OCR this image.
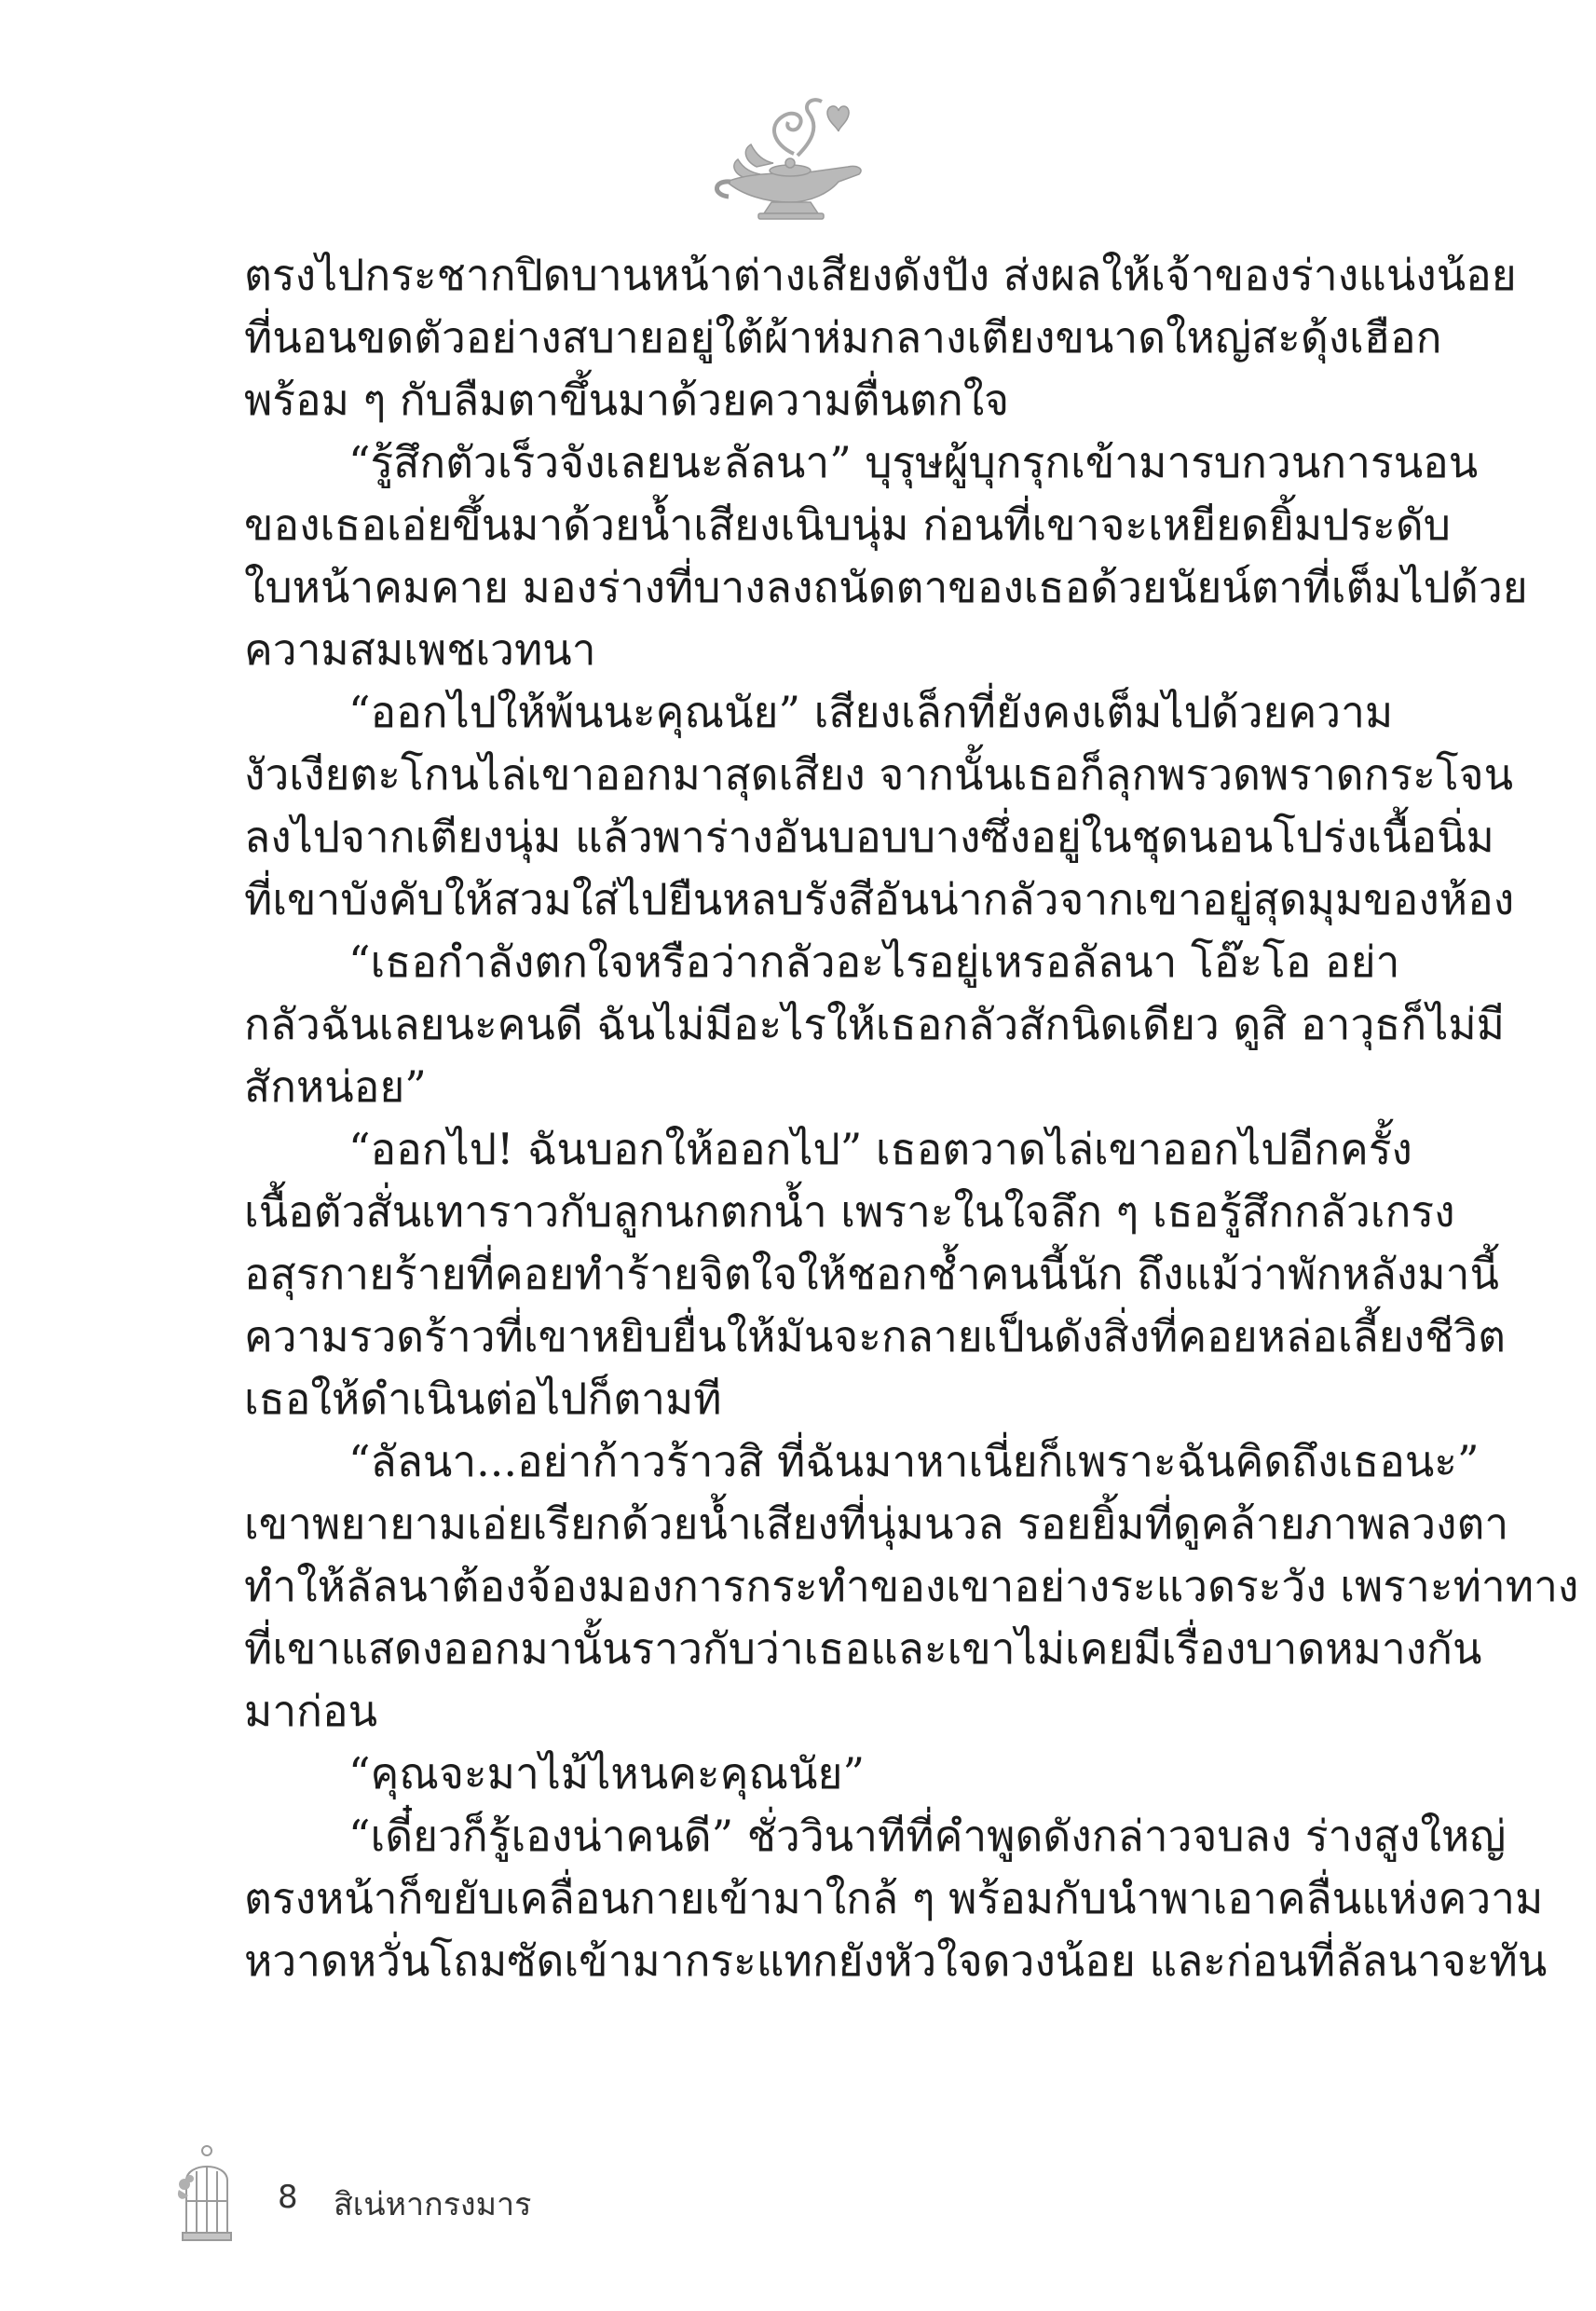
ตรงไปกระชากปิดบานหน้าต่างเสียงดังปัง ส่งผลให้เจ้าของร่างแน่งน้อย
ที่นอนขดตัวอย่างสบายอยู่ใต้ผ้าห่มกลางเตียงขนาดใหญ่สะดุ้งเฮือก
พร้อม ๆ กับลืมตาขึ้นมาด้วยความตื่นตกใจ
“รู้สึกตัวเร็วจังเลยนะลัลนา” บุรุษผู้บุกรุกเข้ามารบกวนการนอน
ของเธอเอ่ยขึ้นมาด้วยน้ำเสียงเนิบนุ่ม ก่อนที่เขาจะเหยียดยิ้มประดับ
ใบหน้าคมคาย มองร่างที่บางลงถนัดตาของเธอด้วยนัยน์ตาที่เต็มไปด้วย
ความสมเพชเวทนา
“ออกไปให้พ้นนะคุณนัย” เสียงเล็กที่ยังคงเต็มไปด้วยความ
งัวเงียตะโกนไล่เขาออกมาสุดเสียง จากนั้นเธอก็ลุกพรวดพราดกระโจน
ลงไปจากเตียงนุ่ม แล้วพาร่างอันบอบบางซึ่งอยู่ในชุดนอนโปร่งเนื้อนิ่ม
ที่เขาบังคับให้สวมใส่ไปยืนหลบรังสีอันน่ากลัวจากเขาอยู่สุดมุมของห้อง
“เธอกำลังตกใจหรือว่ากลัวอะไรอยู่เหรอลัลนา โอ๊ะโอ อย่า
กลัวฉันเลยนะคนดี ฉันไม่มีอะไรให้เธอกลัวสักนิดเดียว ดูสิ อาวุธก็ไม่มี
สักหน่อย”
“ออกไป! ฉันบอกให้ออกไป” เธอตวาดไล่เขาออกไปอีกครั้ง
เนื้อตัวสั่นเทาราวกับลูกนกตกน้ำ เพราะในใจลึก ๆ เธอรู้สึกกลัวเกรง
อสุรกายร้ายที่คอยทำร้ายจิตใจให้ชอกช้ำคนนี้นัก ถึงแม้ว่าพักหลังมานี้
ความรวดร้าวที่เขาหยิบยื่นให้มันจะกลายเป็นดังสิ่งที่คอยหล่อเลี้ยงชีวิต
เธอให้ดำเนินต่อไปก็ตามที
“ลัลนา...อย่าก้าวร้าวสิ ที่ฉันมาหาเนี่ยก็เพราะฉันคิดถึงเธอนะ”
เขาพยายามเอ่ยเรียกด้วยน้ำเสียงที่นุ่มนวล รอยยิ้มที่ดูคล้ายภาพลวงตา
ทำให้ลัลนาต้องจ้องมองการกระทำของเขาอย่างระแวดระวัง เพราะท่าทาง
ที่เขาแสดงออกมานั้นราวกับว่าเธอและเขาไม่เคยมีเรื่องบาดหมางกัน
มาก่อน
“คุณจะมาไม้ไหนคะคุณนัย”
“เดี๋ยวก็รู้เองน่าคนดี” ชั่ววินาทีที่คำพูดดังกล่าวจบลง ร่างสูงใหญ่
ตรงหน้าก็ขยับเคลื่อนกายเข้ามาใกล้ ๆ พร้อมกับนำพาเอาคลื่นแห่งความ
หวาดหวั่นโถมซัดเข้ามากระแทกยังหัวใจดวงน้อย และก่อนที่ลัลนาจะทัน
8 สิเน่หากรงมาร
